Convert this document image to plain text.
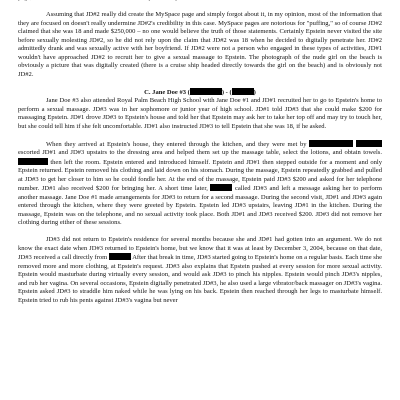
Assuming that JD#2 really did create the MySpace page and simply forgot about it, in my opinion, most of the information that they are focused on doesn't really undermine JD#2's credibility in this case. MySpace pages are notorious for "puffing," so of course JD#2 claimed that she was 18 and made $250,000 – no one would believe the truth of those statements. Certainly Epstein never visited the site before sexually molesting JD#2, so he did not rely upon the claim that JD#2 was 18 when he decided to digitally penetrate her. JD#2 admittedly drank and was sexually active with her boyfriend. If JD#2 were not a person who engaged in these types of activities, JD#1 wouldn't have approached JD#2 to recruit her to give a sexual massage to Epstein. The photograph of the nude girl on the beach is obviously a picture that was digitally created (there is a cruise ship headed directly towards the girl on the beach) and is obviously not JD#2.

C. Jane Doe #3 (	) - (	)

Jane Doe #3 also attended Royal Palm Beach High School with Jane Doe #1 and JD#1 recruited her to go to Epstein's home to perform a sexual massage. JD#3 was in her sophomore or junior year of high school. JD#1 told JD#3 that she could make $200 for massaging Epstein. JD#1 drove JD#3 to Epstein's house and told her that Epstein may ask her to take her top off and may try to touch her, but she could tell him if she felt uncomfortable. JD#1 also instructed JD#3 to tell Epstein that she was 18, if he asked.

When they arrived at Epstein's house, they entered through the kitchen, and they were met by   escorted JD#1 and JD#3 upstairs to the dressing area and helped them set up the massage table, select the lotions, and obtain towels.  then left the room. Epstein entered and introduced himself. Epstein and JD#1 then stepped outside for a moment and only Epstein returned. Epstein removed his clothing and laid down on his stomach. During the massage, Epstein repeatedly grabbed and pulled at JD#3 to get her closer to him so he could fondle her. At the end of the massage, Epstein paid JD#3 $200 and asked for her telephone number. JD#1 also received $200 for bringing her. A short time later,	called JD#3 and left a message asking her to perform another massage. Jane Doe #1 made arrangements for JD#3 to return for a second massage. During the second visit, JD#1 and JD#3 again entered through the kitchen, where they were greeted by Epstein. Epstein led JD#3 upstairs, leaving JD#1 in the kitchen. During the massage, Epstein was on the telephone, and no sexual activity took place. Both JD#1 and JD#3 received $200. JD#3 did not remove her clothing during either of these sessions.

JD#3 did not return to Epstein's residence for several months because she and JD#1 had gotten into an argument. We do not know the exact date when JD#3 returned to Epstein's home, but we know that it was at least by December 3, 2004, because on that date, JD#3 received a call directly from	After that break in time, JD#3 started going to Epstein's home on a regular basis. Each time she removed more and more clothing, at Epstein's request. JD#3 also explains that Epstein pushed at every session for more sexual activity. Epstein would masturbate during virtually every session, and would ask JD#3 to pinch his nipples. Epstein would pinch JD#3's nipples, and rub her vagina. On several occasions, Epstein digitally penetrated JD#3, he also used a large vibrator/back massager on JD#3's vagina. Epstein asked JD#3 to straddle him naked while he was lying on his back. Epstein then reached through her legs to masturbate himself. Epstein tried to rub his penis against JD#3's vagina but never
